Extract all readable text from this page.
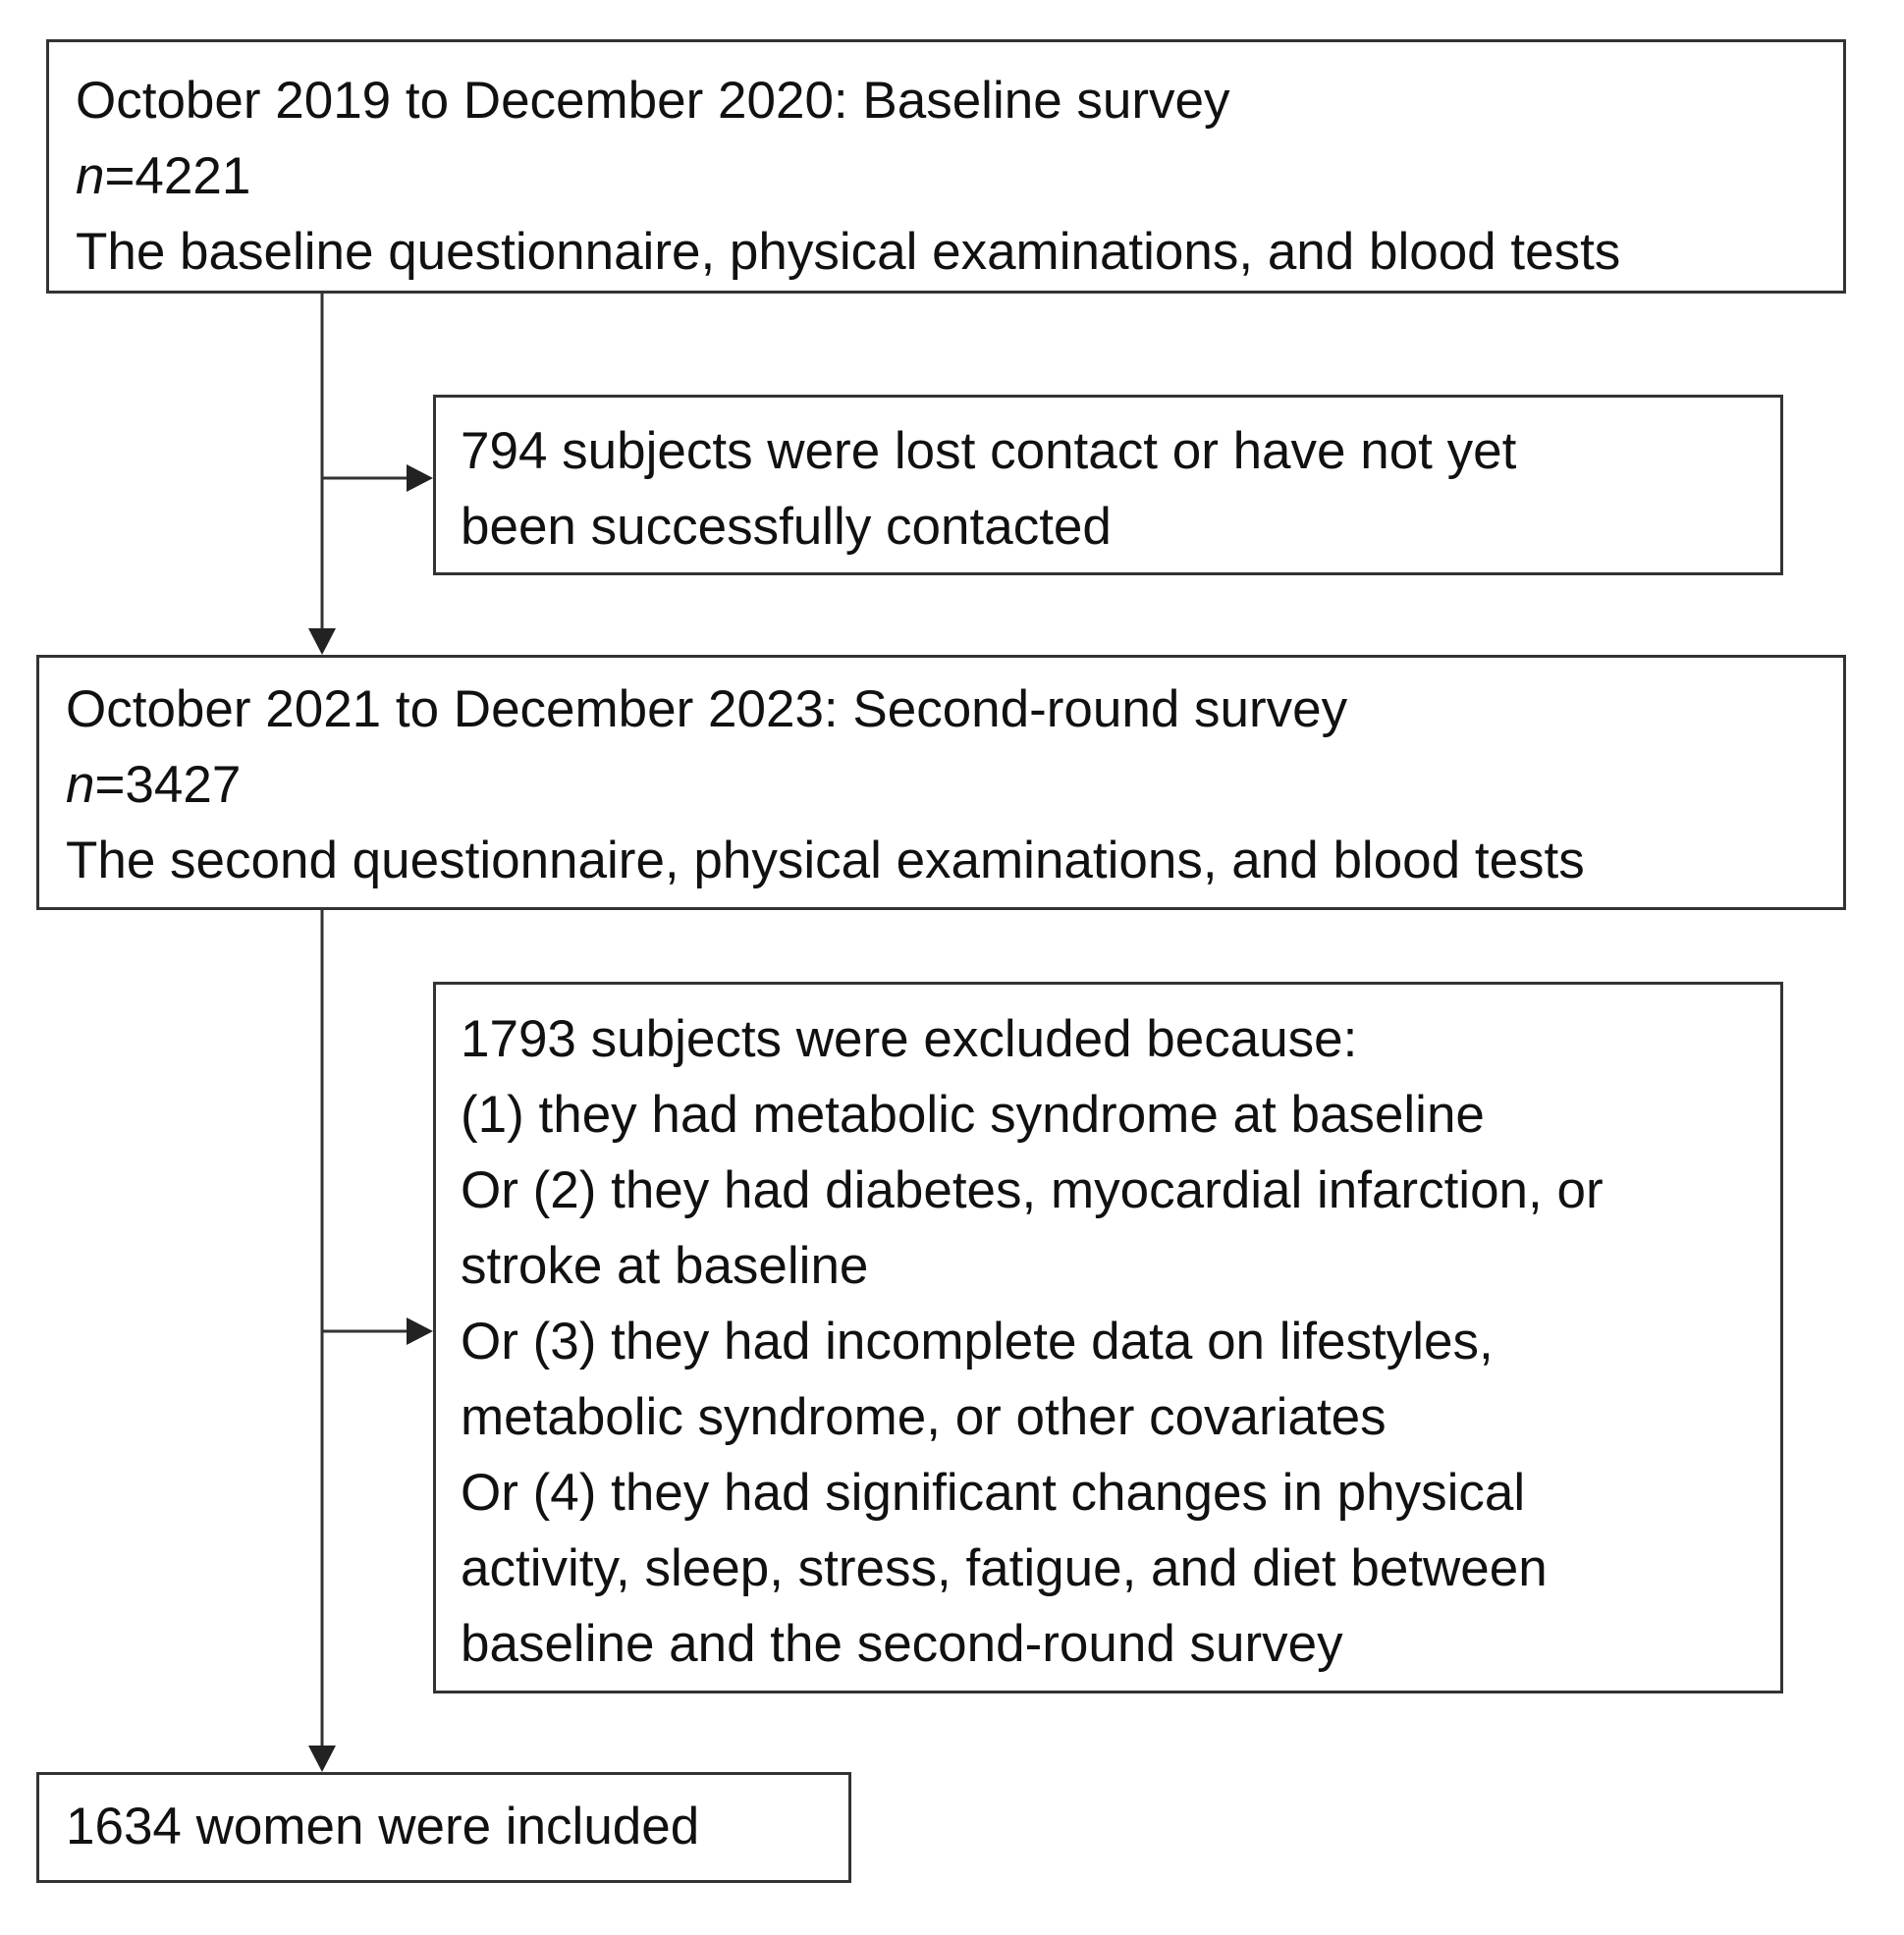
October 2019 to December 2020: Baseline survey
n=4221
The baseline questionnaire, physical examinations, and blood tests
794 subjects were lost contact or have not yet
been successfully contacted
October 2021 to December 2023: Second-round survey
n=3427
The second questionnaire, physical examinations, and blood tests
1793 subjects were excluded because:
(1) they had metabolic syndrome at baseline
Or (2) they had diabetes, myocardial infarction, or
stroke at baseline
Or (3) they had incomplete data on lifestyles,
metabolic syndrome, or other covariates
Or (4) they had significant changes in physical
activity, sleep, stress, fatigue, and diet between
baseline and the second-round survey
1634 women were included
